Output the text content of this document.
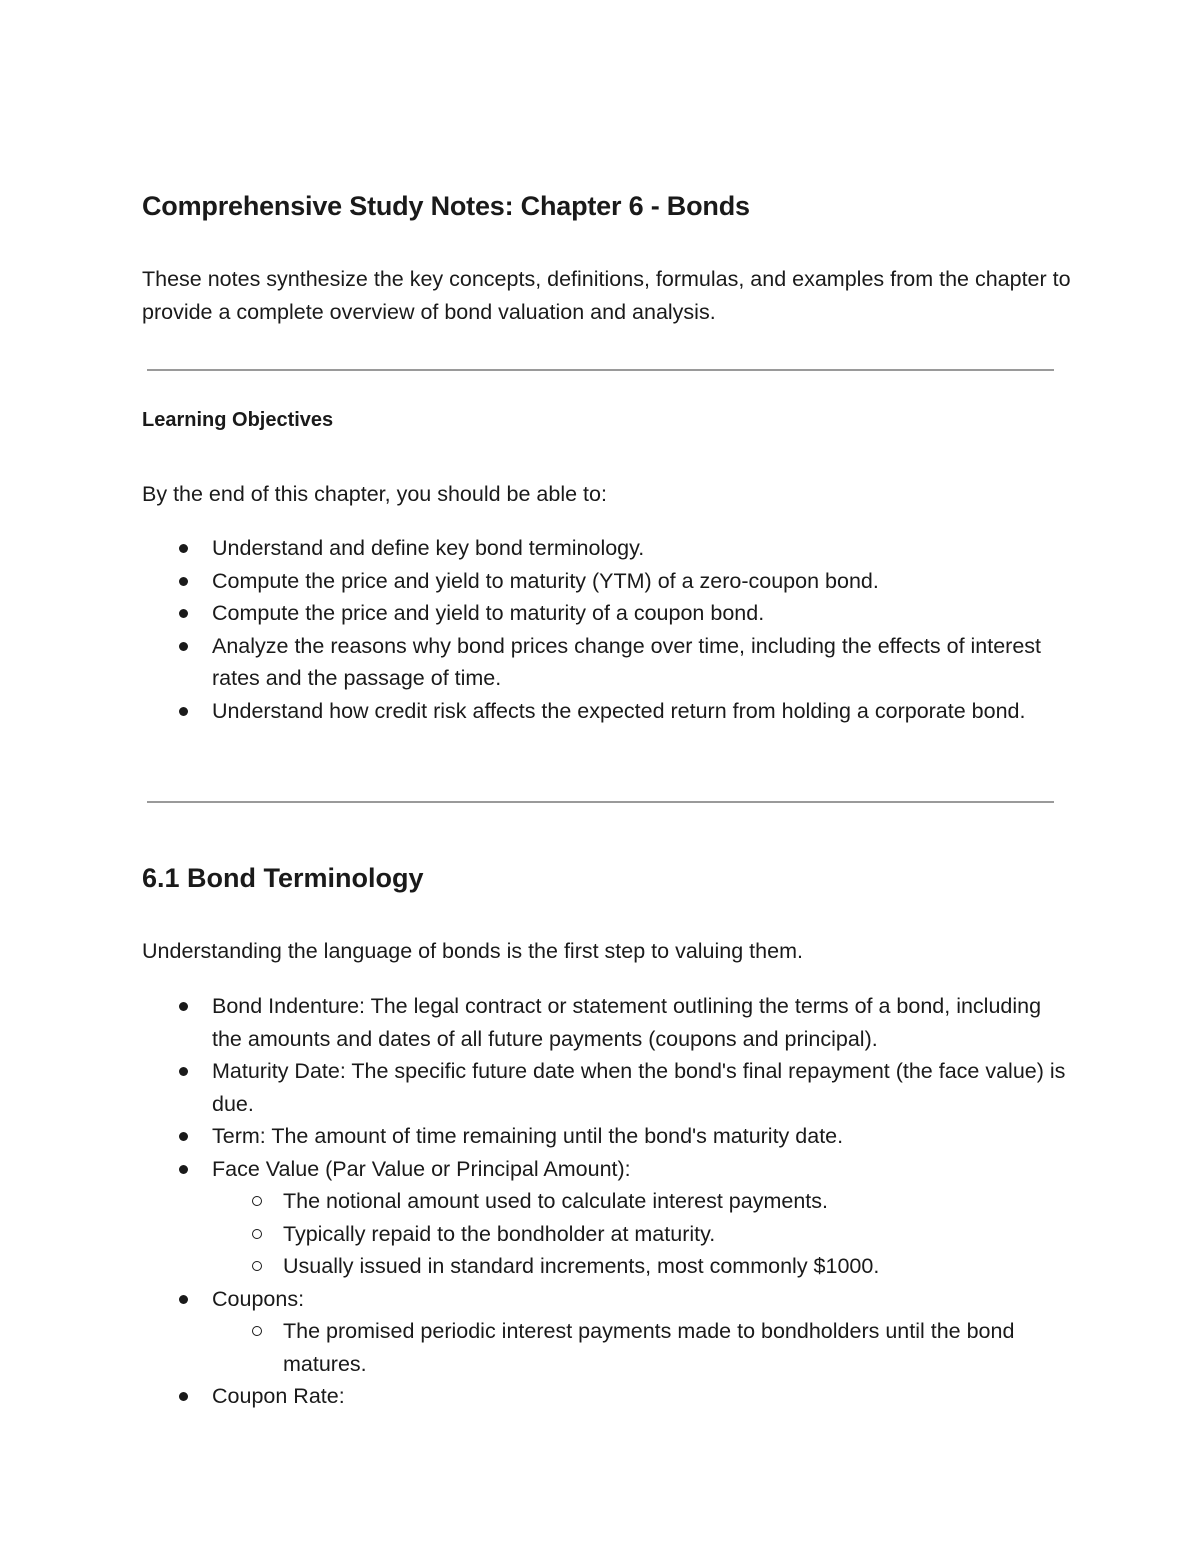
Comprehensive Study Notes: Chapter 6 - Bonds

These notes synthesize the key concepts, definitions, formulas, and examples from the chapter to provide a complete overview of bond valuation and analysis.

Learning Objectives

By the end of this chapter, you should be able to:

Understand and define key bond terminology.
Compute the price and yield to maturity (YTM) of a zero-coupon bond.
Compute the price and yield to maturity of a coupon bond.
Analyze the reasons why bond prices change over time, including the effects of interest rates and the passage of time.
Understand how credit risk affects the expected return from holding a corporate bond.
6.1 Bond Terminology

Understanding the language of bonds is the first step to valuing them.

Bond Indenture: The legal contract or statement outlining the terms of a bond, including the amounts and dates of all future payments (coupons and principal).
Maturity Date: The specific future date when the bond's final repayment (the face value) is due.
Term: The amount of time remaining until the bond's maturity date.
Face Value (Par Value or Principal Amount):
The notional amount used to calculate interest payments.
Typically repaid to the bondholder at maturity.
Usually issued in standard increments, most commonly $1000.
Coupons:
The promised periodic interest payments made to bondholders until the bond matures.
Coupon Rate:
